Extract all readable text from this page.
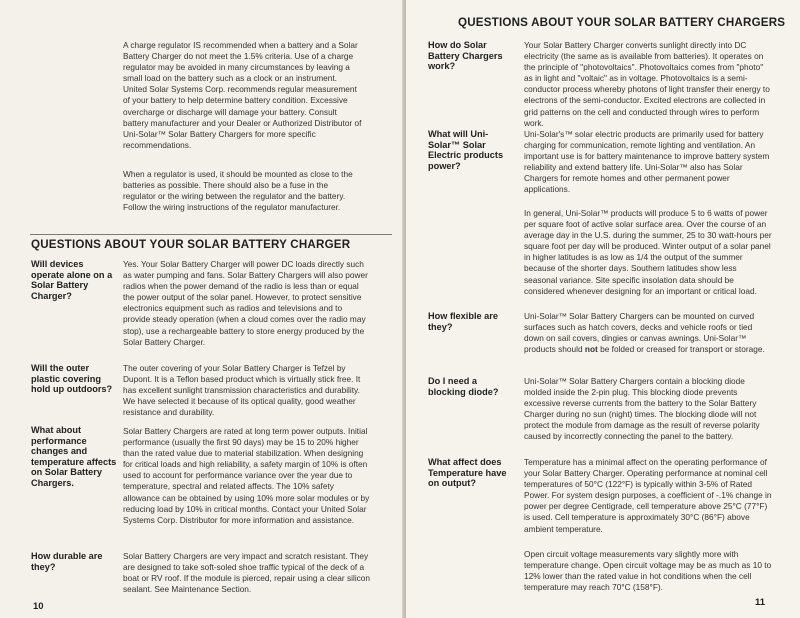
A charge regulator IS recommended when a battery and a Solar Battery Charger do not meet the 1.5% criteria. Use of a charge regulator may be avoided in many circumstances by leaving a small load on the battery such as a clock or an instrument. United Solar Systems Corp. recommends regular measurement of your battery to help determine battery condition. Excessive overcharge or discharge will damage your battery. Consult battery manufacturer and your Dealer or Authorized Distributor of Uni-Solar™ Solar Battery Chargers for more specific recommendations.
When a regulator is used, it should be mounted as close to the batteries as possible. There should also be a fuse in the regulator or the wiring between the regulator and the battery. Follow the wiring instructions of the regulator manufacturer.
QUESTIONS ABOUT YOUR SOLAR BATTERY CHARGER
Will devices operate alone on a Solar Battery Charger?
Yes. Your Solar Battery Charger will power DC loads directly such as water pumping and fans. Solar Battery Chargers will also power radios when the power demand of the radio is less than or equal the power output of the solar panel. However, to protect sensitive electronics equipment such as radios and televisions and to provide steady operation (when a cloud comes over the radio may stop), use a rechargeable battery to store energy produced by the Solar Battery Charger.
Will the outer plastic covering hold up outdoors?
The outer covering of your Solar Battery Charger is Tefzel by Dupont. It is a Teflon based product which is virtually stick free. It has excellent sunlight transmission characteristics and durability. We have selected it because of its optical quality, good weather resistance and durability.
What about performance changes and temperature affects on Solar Battery Chargers.
Solar Battery Chargers are rated at long term power outputs. Initial performance (usually the first 90 days) may be 15 to 20% higher than the rated value due to material stabilization. When designing for critical loads and high reliability, a safety margin of 10% is often used to account for performance variance over the year due to temperature, spectral and related affects. The 10% safety allowance can be obtained by using 10% more solar modules or by reducing load by 10% in critical months. Contact your United Solar Systems Corp. Distributor for more information and assistance.
How durable are they?
Solar Battery Chargers are very impact and scratch resistant. They are designed to take soft-soled shoe traffic typical of the deck of a boat or RV roof. If the module is pierced, repair using a clear silicon sealant. See Maintenance Section.
10
QUESTIONS ABOUT YOUR SOLAR BATTERY CHARGERS
How do Solar Battery Chargers work?
Your Solar Battery Charger converts sunlight directly into DC electricity (the same as is available from batteries). It operates on the principle of "photovoltaics". Photovoltaics comes from "photo" as in light and "voltaic" as in voltage. Photovoltaics is a semi-conductor process whereby photons of light transfer their energy to electrons of the semi-conductor. Excited electrons are collected in grid patterns on the cell and conducted through wires to perform work.
What will Uni-Solar™ Solar Electric products power?
Uni-Solar's™ solar electric products are primarily used for battery charging for communication, remote lighting and ventilation. An important use is for battery maintenance to improve battery system reliability and extend battery life. Uni-Solar™ also has Solar Chargers for remote homes and other permanent power applications.
In general, Uni-Solar™ products will produce 5 to 6 watts of power per square foot of active solar surface area. Over the course of an average day in the U.S. during the summer, 25 to 30 watt-hours per square foot per day will be produced. Winter output of a solar panel in higher latitudes is as low as 1/4 the output of the summer because of the shorter days. Southern latitudes show less seasonal variance. Site specific insolation data should be considered whenever designing for an important or critical load.
How flexible are they?
Uni-Solar™ Solar Battery Chargers can be mounted on curved surfaces such as hatch covers, decks and vehicle roofs or tied down on sail covers, dingies or canvas awnings. Uni-Solar™ products should not be folded or creased for transport or storage.
Do I need a blocking diode?
Uni-Solar™ Solar Battery Chargers contain a blocking diode molded inside the 2-pin plug. This blocking diode prevents excessive reverse currents from the battery to the Solar Battery Charger during no sun (night) times. The blocking diode will not protect the module from damage as the result of reverse polarity caused by incorrectly connecting the panel to the battery.
What affect does Temperature have on output?
Temperature has a minimal affect on the operating performance of your Solar Battery Charger. Operating performance at nominal cell temperatures of 50°C (122°F) is typically within 3-5% of Rated Power. For system design purposes, a coefficient of -.1% change in power per degree Centigrade, cell temperature above 25°C (77°F) is used. Cell temperature is approximately 30°C (86°F) above ambient temperature.
Open circuit voltage measurements vary slightly more with temperature change. Open circuit voltage may be as much as 10 to 12% lower than the rated value in hot conditions when the cell temperature may reach 70°C (158°F).
11
